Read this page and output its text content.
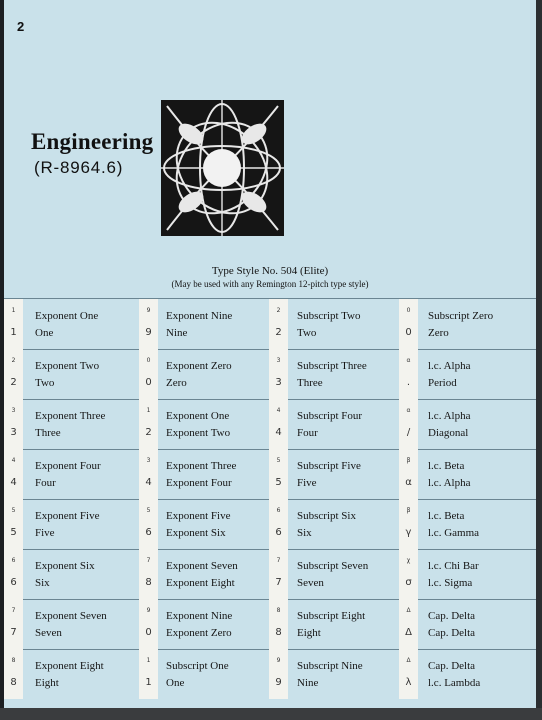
2
Engineering
(R-8964.6)
Type Style No. 504 (Elite)
(May be used with any Remington 12-pitch type style)
1
1
Exponent One
One
9
9
Exponent Nine
Nine
2
2
Subscript Two
Two
0
0
Subscript Zero
Zero
2
2
Exponent Two
Two
0
0
Exponent Zero
Zero
3
3
Subscript Three
Three
α
.
l.c. Alpha
Period
3
3
Exponent Three
Three
1
2
Exponent One
Exponent Two
4
4
Subscript Four
Four
α
/
l.c. Alpha
Diagonal
4
4
Exponent Four
Four
3
4
Exponent Three
Exponent Four
5
5
Subscript Five
Five
β
α
l.c. Beta
l.c. Alpha
5
5
Exponent Five
Five
5
6
Exponent Five
Exponent Six
6
6
Subscript Six
Six
β
γ
l.c. Beta
l.c. Gamma
6
6
Exponent Six
Six
7
8
Exponent Seven
Exponent Eight
7
7
Subscript Seven
Seven
χ
σ
l.c. Chi Bar
l.c. Sigma
7
7
Exponent Seven
Seven
9
0
Exponent Nine
Exponent Zero
8
8
Subscript Eight
Eight
Δ
Δ
Cap. Delta
Cap. Delta
8
8
Exponent Eight
Eight
1
1
Subscript One
One
9
9
Subscript Nine
Nine
Δ
λ
Cap. Delta
l.c. Lambda
